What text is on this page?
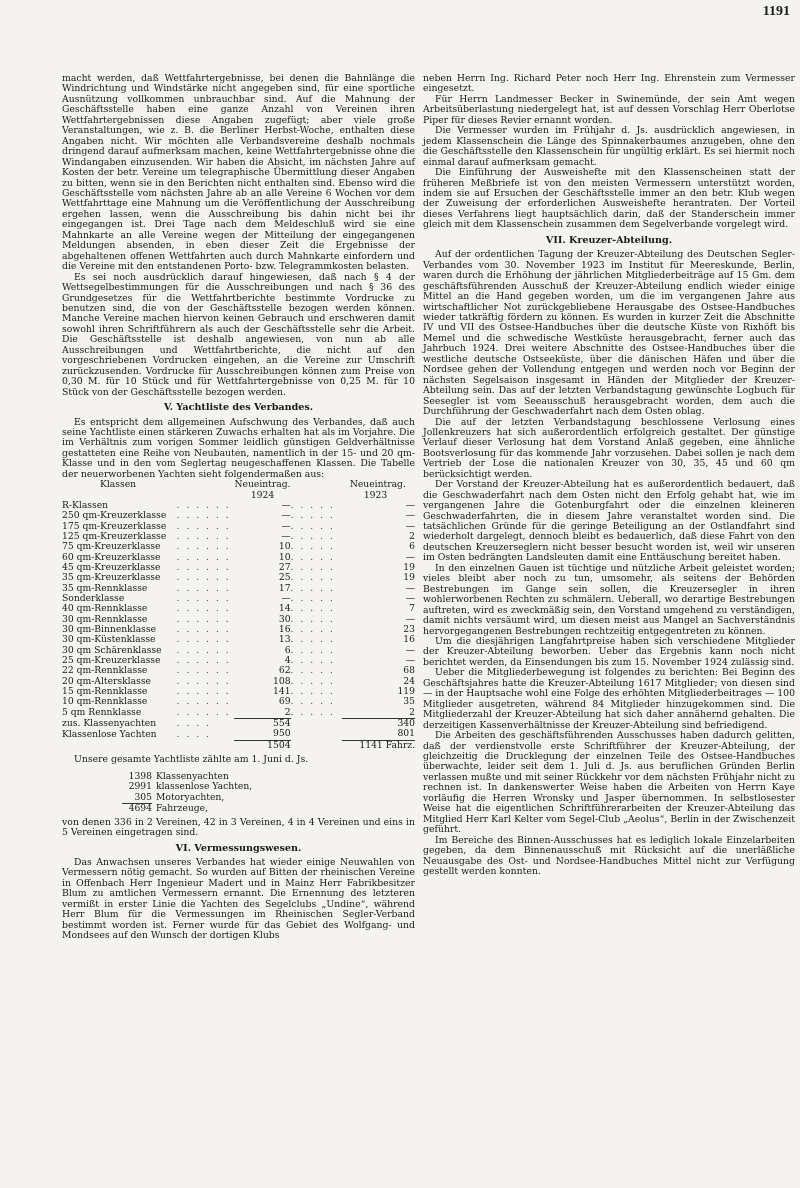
1191

macht werden, daß Wettfahrtergebnisse, bei denen die Bahnlänge die Windrichtung und Windstärke nicht angegeben sind, für eine sportliche Ausnützung vollkommen unbrauchbar sind. Auf die Mahnung der Geschäftsstelle haben eine ganze Anzahl von Vereinen ihren Wettfahrtergebnissen diese Angaben zugefügt; aber viele große Veranstaltungen, wie z. B. die Berliner Herbst-Woche, enthalten diese Angaben nicht. Wir möchten alle Verbandsvereine deshalb nochmals dringend darauf aufmerksam machen, keine Wettfahrtergebnisse ohne die Windangaben einzusenden. Wir haben die Absicht, im nächsten Jahre auf Kosten der betr. Vereine um telegraphische Übermittlung dieser Angaben zu bitten, wenn sie in den Berichten nicht enthalten sind. Ebenso wird die Geschäftsstelle vom nächsten Jahre ab an alle Vereine 6 Wochen vor dem Wettfahrttage eine Mahnung um die Veröffentlichung der Ausschreibung ergehen lassen, wenn die Ausschreibung bis dahin nicht bei ihr eingegangen ist. Drei Tage nach dem Meldeschluß wird sie eine Mahnkarte an alle Vereine wegen der Mitteilung der eingegangenen Meldungen absenden, in eben dieser Zeit die Ergebnisse der abgehaltenen offenen Wettfahrten auch durch Mahnkarte einfordern und die Vereine mit den entstandenen Porto- bzw. Telegrammkosten belasten.

Es sei noch ausdrücklich darauf hingewiesen, daß nach § 4 der Wettsegelbestimmungen für die Ausschreibungen und nach § 36 des Grundgesetzes für die Wettfahrtberichte bestimmte Vordrucke zu benutzen sind, die von der Geschäftsstelle bezogen werden können. Manche Vereine machen hiervon keinen Gebrauch und erschweren damit sowohl ihren Schriftführern als auch der Geschäftsstelle sehr die Arbeit. Die Geschäftsstelle ist deshalb angewiesen, von nun ab alle Ausschreibungen und Wettfahrtberichte, die nicht auf den vorgeschriebenen Vordrucken eingehen, an die Vereine zur Umschrift zurückzusenden. Vordrucke für Ausschreibungen können zum Preise von 0,30 M. für 10 Stück und für Wettfahrtergebnisse von 0,25 M. für 10 Stück von der Geschäftsstelle bezogen werden.

V. Yachtliste des Verbandes.

Es entspricht dem allgemeinen Aufschwung des Verbandes, daß auch seine Yachtliste einen stärkeren Zuwachs erhalten hat als im Vorjahre. Die im Verhältnis zum vorigen Sommer leidlich günstigen Geldverhältnisse gestatteten eine Reihe von Neubauten, namentlich in der 15- und 20 qm-Klasse und in den vom Seglertag neugeschaffenen Klassen. Die Tabelle der neuerworbenen Yachten sieht folgendermaßen aus:

Klassen		Neueintrag.		Neueintrag.
		1924		1923
R-Klassen	. . . . . .	—	. . . . .	—
250 qm-Kreuzerklasse	. . . . . .	—	. . . . .	—
175 qm-Kreuzerklasse	. . . . . .	—	. . . . .	—
125 qm-Kreuzerklasse	. . . . . .	—	. . . . .	2
75 qm-Kreuzerklasse	. . . . . .	10	. . . . .	6
60 qm-Kreuzerklasse	. . . . . .	10	. . . . .	—
45 qm-Kreuzerklasse	. . . . . .	27	. . . . .	19
35 qm-Kreuzerklasse	. . . . . .	25	. . . . .	19
35 qm-Rennklasse	. . . . . .	17	. . . . .	—
Sonderklasse	. . . . . .	—	. . . . .	—
40 qm-Rennklasse	. . . . . .	14	. . . . .	7
30 qm-Rennklasse	. . . . . .	30	. . . . .	—
30 qm-Binnenklasse	. . . . . .	16	. . . . .	23
30 qm-Küstenklasse	. . . . . .	13	. . . . .	16
30 qm Schärenklasse	. . . . . .	6	. . . . .	—
25 qm-Kreuzerklasse	. . . . . .	4	. . . . .	—
22 qm-Rennklasse	. . . . . .	62	. . . . .	68
20 qm-Altersklasse	. . . . . .	108	. . . . .	24
15 qm-Rennklasse	. . . . . .	141	. . . . .	119
10 qm-Rennklasse	. . . . . .	69	. . . . .	35
5 qm Rennklasse	. . . . . .	2	. . . . .	2
zus. Klassenyachten	. . . .	554		340
Klassenlose Yachten	. . . .	950		801
		1504		1141 Fahrz.

Unsere gesamte Yachtliste zählte am 1. Juni d. Js.

1398 Klassenyachten
2991 klassenlose Yachten,
305 Motoryachten,
4694 Fahrzeuge,

von denen 336 in 2 Vereinen, 42 in 3 Vereinen, 4 in 4 Vereinen und eins in 5 Vereinen eingetragen sind.

VI. Vermessungswesen.

Das Anwachsen unseres Verbandes hat wieder einige Neuwahlen von Vermessern nötig gemacht. So wurden auf Bitten der rheinischen Vereine in Offenbach Herr Ingenieur Madert und in Mainz Herr Fabrikbesitzer Blum zu amtlichen Vermessern ernannt. Die Ernennung des letzteren vermißt in erster Linie die Yachten des Segelclubs „Undine“, während Herr Blum für die Vermessungen im Rheinischen Segler-Verband bestimmt worden ist. Ferner wurde für das Gebiet des Wolfgang- und Mondsees auf den Wunsch der dortigen Klubs

neben Herrn Ing. Richard Peter noch Herr Ing. Ehrenstein zum Vermesser eingesetzt.

Für Herrn Landmesser Becker in Swinemünde, der sein Amt wegen Arbeitsüberlastung niedergelegt hat, ist auf dessen Vorschlag Herr Oberlotse Piper für dieses Revier ernannt worden.

Die Vermesser wurden im Frühjahr d. Js. ausdrücklich angewiesen, in jedem Klassenschein die Länge des Spinnakerbaumes anzugeben, ohne den die Geschäftsstelle den Klassenschein für ungültig erklärt. Es sei hiermit noch einmal darauf aufmerksam gemacht.

Die Einführung der Ausweishefte mit den Klassenscheinen statt der früheren Meßbriefe ist von den meisten Vermessern unterstützt worden, indem sie auf Ersuchen der Geschäftsstelle immer an den betr. Klub wegen der Zuweisung der erforderlichen Ausweishefte herantraten. Der Vorteil dieses Verfahrens liegt hauptsächlich darin, daß der Standerschein immer gleich mit dem Klassenschein zusammen dem Segelverbande vorgelegt wird.

VII. Kreuzer-Abteilung.

Auf der ordentlichen Tagung der Kreuzer-Abteilung des Deutschen Segler-Verbandes vom 30. November 1923 im Institut für Meereskunde, Berlin, waren durch die Erhöhung der jährlichen Mitgliederbeiträge auf 15 Gm. dem geschäftsführenden Ausschuß der Kreuzer-Abteilung endlich wieder einige Mittel an die Hand gegeben worden, um die im vergangenen Jahre aus wirtschaftlicher Not zurückgebliebene Herausgabe des Ostsee-Handbuches wieder tatkräftig fördern zu können. Es wurden in kurzer Zeit die Abschnitte IV und VII des Ostsee-Handbuches über die deutsche Küste von Rixhöft bis Memel und die schwedische Westküste herausgebracht, ferner auch das Jahrbuch 1924. Drei weitere Abschnitte des Ostsee-Handbuches über die westliche deutsche Ostseeküste, über die dänischen Häfen und über die Nordsee gehen der Vollendung entgegen und werden noch vor Beginn der nächsten Segelsaison insgesamt in Händen der Mitglieder der Kreuzer-Abteilung sein. Das auf der letzten Verbandstagung gewünschte Logbuch für Seesegler ist vom Seeausschuß herausgebracht worden, dem auch die Durchführung der Geschwaderfahrt nach dem Osten oblag.

Die auf der letzten Verbandstagung beschlossene Verlosung eines Jollenkreuzers hat sich außerordentlich erfolgreich gestaltet. Der günstige Verlauf dieser Verlosung hat dem Vorstand Anlaß gegeben, eine ähnliche Bootsverlosung für das kommende Jahr vorzusehen. Dabei sollen je nach dem Vertrieb der Lose die nationalen Kreuzer von 30, 35, 45 und 60 qm berücksichtigt werden.

Der Vorstand der Kreuzer-Abteilung hat es außerordentlich bedauert, daß die Geschwaderfahrt nach dem Osten nicht den Erfolg gehabt hat, wie im vergangenen Jahre die Gotenburgfahrt oder die einzelnen kleineren Geschwaderfahrten, die in diesem Jahre veranstaltet worden sind. Die tatsächlichen Gründe für die geringe Beteiligung an der Ostlandfahrt sind wiederholt dargelegt, dennoch bleibt es bedauerlich, daß diese Fahrt von den deutschen Kreuzerseglern nicht besser besucht worden ist, weil wir unseren im Osten bedrängten Landsleuten damit eine Enttäuschung bereitet haben.

In den einzelnen Gauen ist tüchtige und nützliche Arbeit geleistet worden; vieles bleibt aber noch zu tun, umsomehr, als seitens der Behörden Bestrebungen im Gange sein sollen, die Kreuzersegler in ihren wohlerworbenen Rechten zu schmälern. Ueberall, wo derartige Bestrebungen auftreten, wird es zweckmäßig sein, den Vorstand umgehend zu verständigen, damit nichts versäumt wird, um diesen meist aus Mangel an Sachverständnis hervorgegangenen Bestrebungen rechtzeitig entgegentreten zu können.

Um die diesjährigen Langfahrtpreise haben sich verschiedene Mitglieder der Kreuzer-Abteilung beworben. Ueber das Ergebnis kann noch nicht berichtet werden, da Einsendungen bis zum 15. November 1924 zulässig sind.

Ueber die Mitgliederbewegung ist folgendes zu berichten: Bei Beginn des Geschäftsjahres hatte die Kreuzer-Abteilung 1617 Mitglieder; von diesen sind — in der Hauptsache wohl eine Folge des erhöhten Mitgliederbeitrages — 100 Mitglieder ausgetreten, während 84 Mitglieder hinzugekommen sind. Die Mitgliederzahl der Kreuzer-Abteilung hat sich daher annähernd gehalten. Die derzeitigen Kassenverhältnisse der Kreuzer-Abteilung sind befriedigend.

Die Arbeiten des geschäftsführenden Ausschusses haben dadurch gelitten, daß der verdienstvolle erste Schriftführer der Kreuzer-Abteilung, der gleichzeitig die Drucklegung der einzelnen Teile des Ostsee-Handbuches überwachte, leider seit dem 1. Juli d. Js. aus beruflichen Gründen Berlin verlassen mußte und mit seiner Rückkehr vor dem nächsten Frühjahr nicht zu rechnen ist. In dankenswerter Weise haben die Arbeiten von Herrn Kaye vorläufig die Herren Wronsky und Jasper übernommen. In selbstlosester Weise hat die eigentlichen Schriftführerarbeiten der Kreuzer-Abteilung das Mitglied Herr Karl Kelter vom Segel-Club „Aeolus“, Berlin in der Zwischenzeit geführt.

Im Bereiche des Binnen-Ausschusses hat es lediglich lokale Einzelarbeiten gegeben, da dem Binnenausschuß mit Rücksicht auf die unerläßliche Neuausgabe des Ost- und Nordsee-Handbuches Mittel nicht zur Verfügung gestellt werden konnten.
